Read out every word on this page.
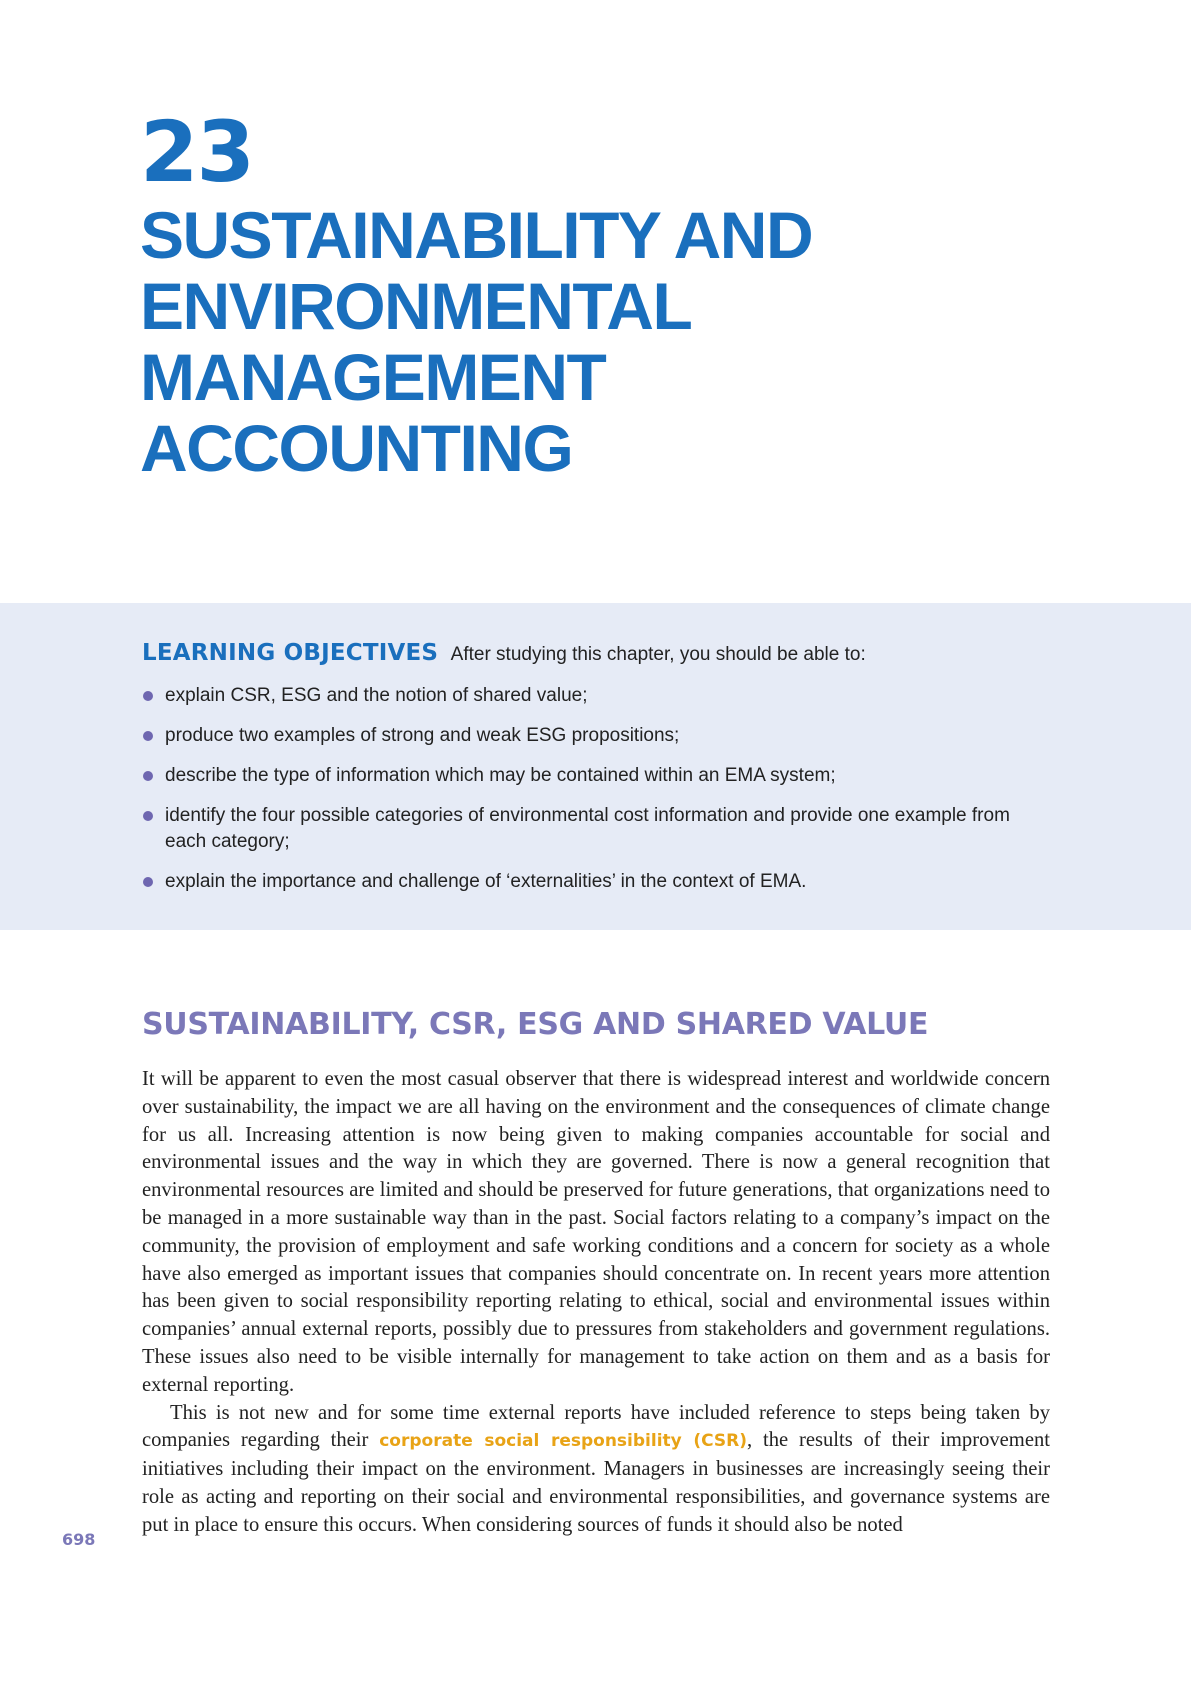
23
SUSTAINABILITY AND
ENVIRONMENTAL
MANAGEMENT
ACCOUNTING
LEARNING OBJECTIVES After studying this chapter, you should be able to:
explain CSR, ESG and the notion of shared value;
produce two examples of strong and weak ESG propositions;
describe the type of information which may be contained within an EMA system;
identify the four possible categories of environmental cost information and provide one example from each category;
explain the importance and challenge of ‘externalities’ in the context of EMA.
SUSTAINABILITY, CSR, ESG AND SHARED VALUE

It will be apparent to even the most casual observer that there is widespread interest and worldwide concern over sustainability, the impact we are all having on the environment and the consequences of climate change for us all. Increasing attention is now being given to making companies accountable for social and environmental issues and the way in which they are governed. There is now a general recognition that environmental resources are limited and should be preserved for future generations, that organizations need to be managed in a more sustainable way than in the past. Social factors relating to a company’s impact on the community, the provision of employment and safe working conditions and a concern for society as a whole have also emerged as important issues that companies should concentrate on. In recent years more attention has been given to social responsibility reporting relating to ethical, social and environmental issues within companies’ annual external reports, possibly due to pressures from stakeholders and government regulations. These issues also need to be visible internally for management to take action on them and as a basis for external reporting.

This is not new and for some time external reports have included reference to steps being taken by companies regarding their corporate social responsibility (CSR), the results of their improvement initiatives including their impact on the environment. Managers in businesses are increasingly seeing their role as acting and reporting on their social and environmental responsibilities, and governance systems are put in place to ensure this occurs. When considering sources of funds it should also be noted

698
